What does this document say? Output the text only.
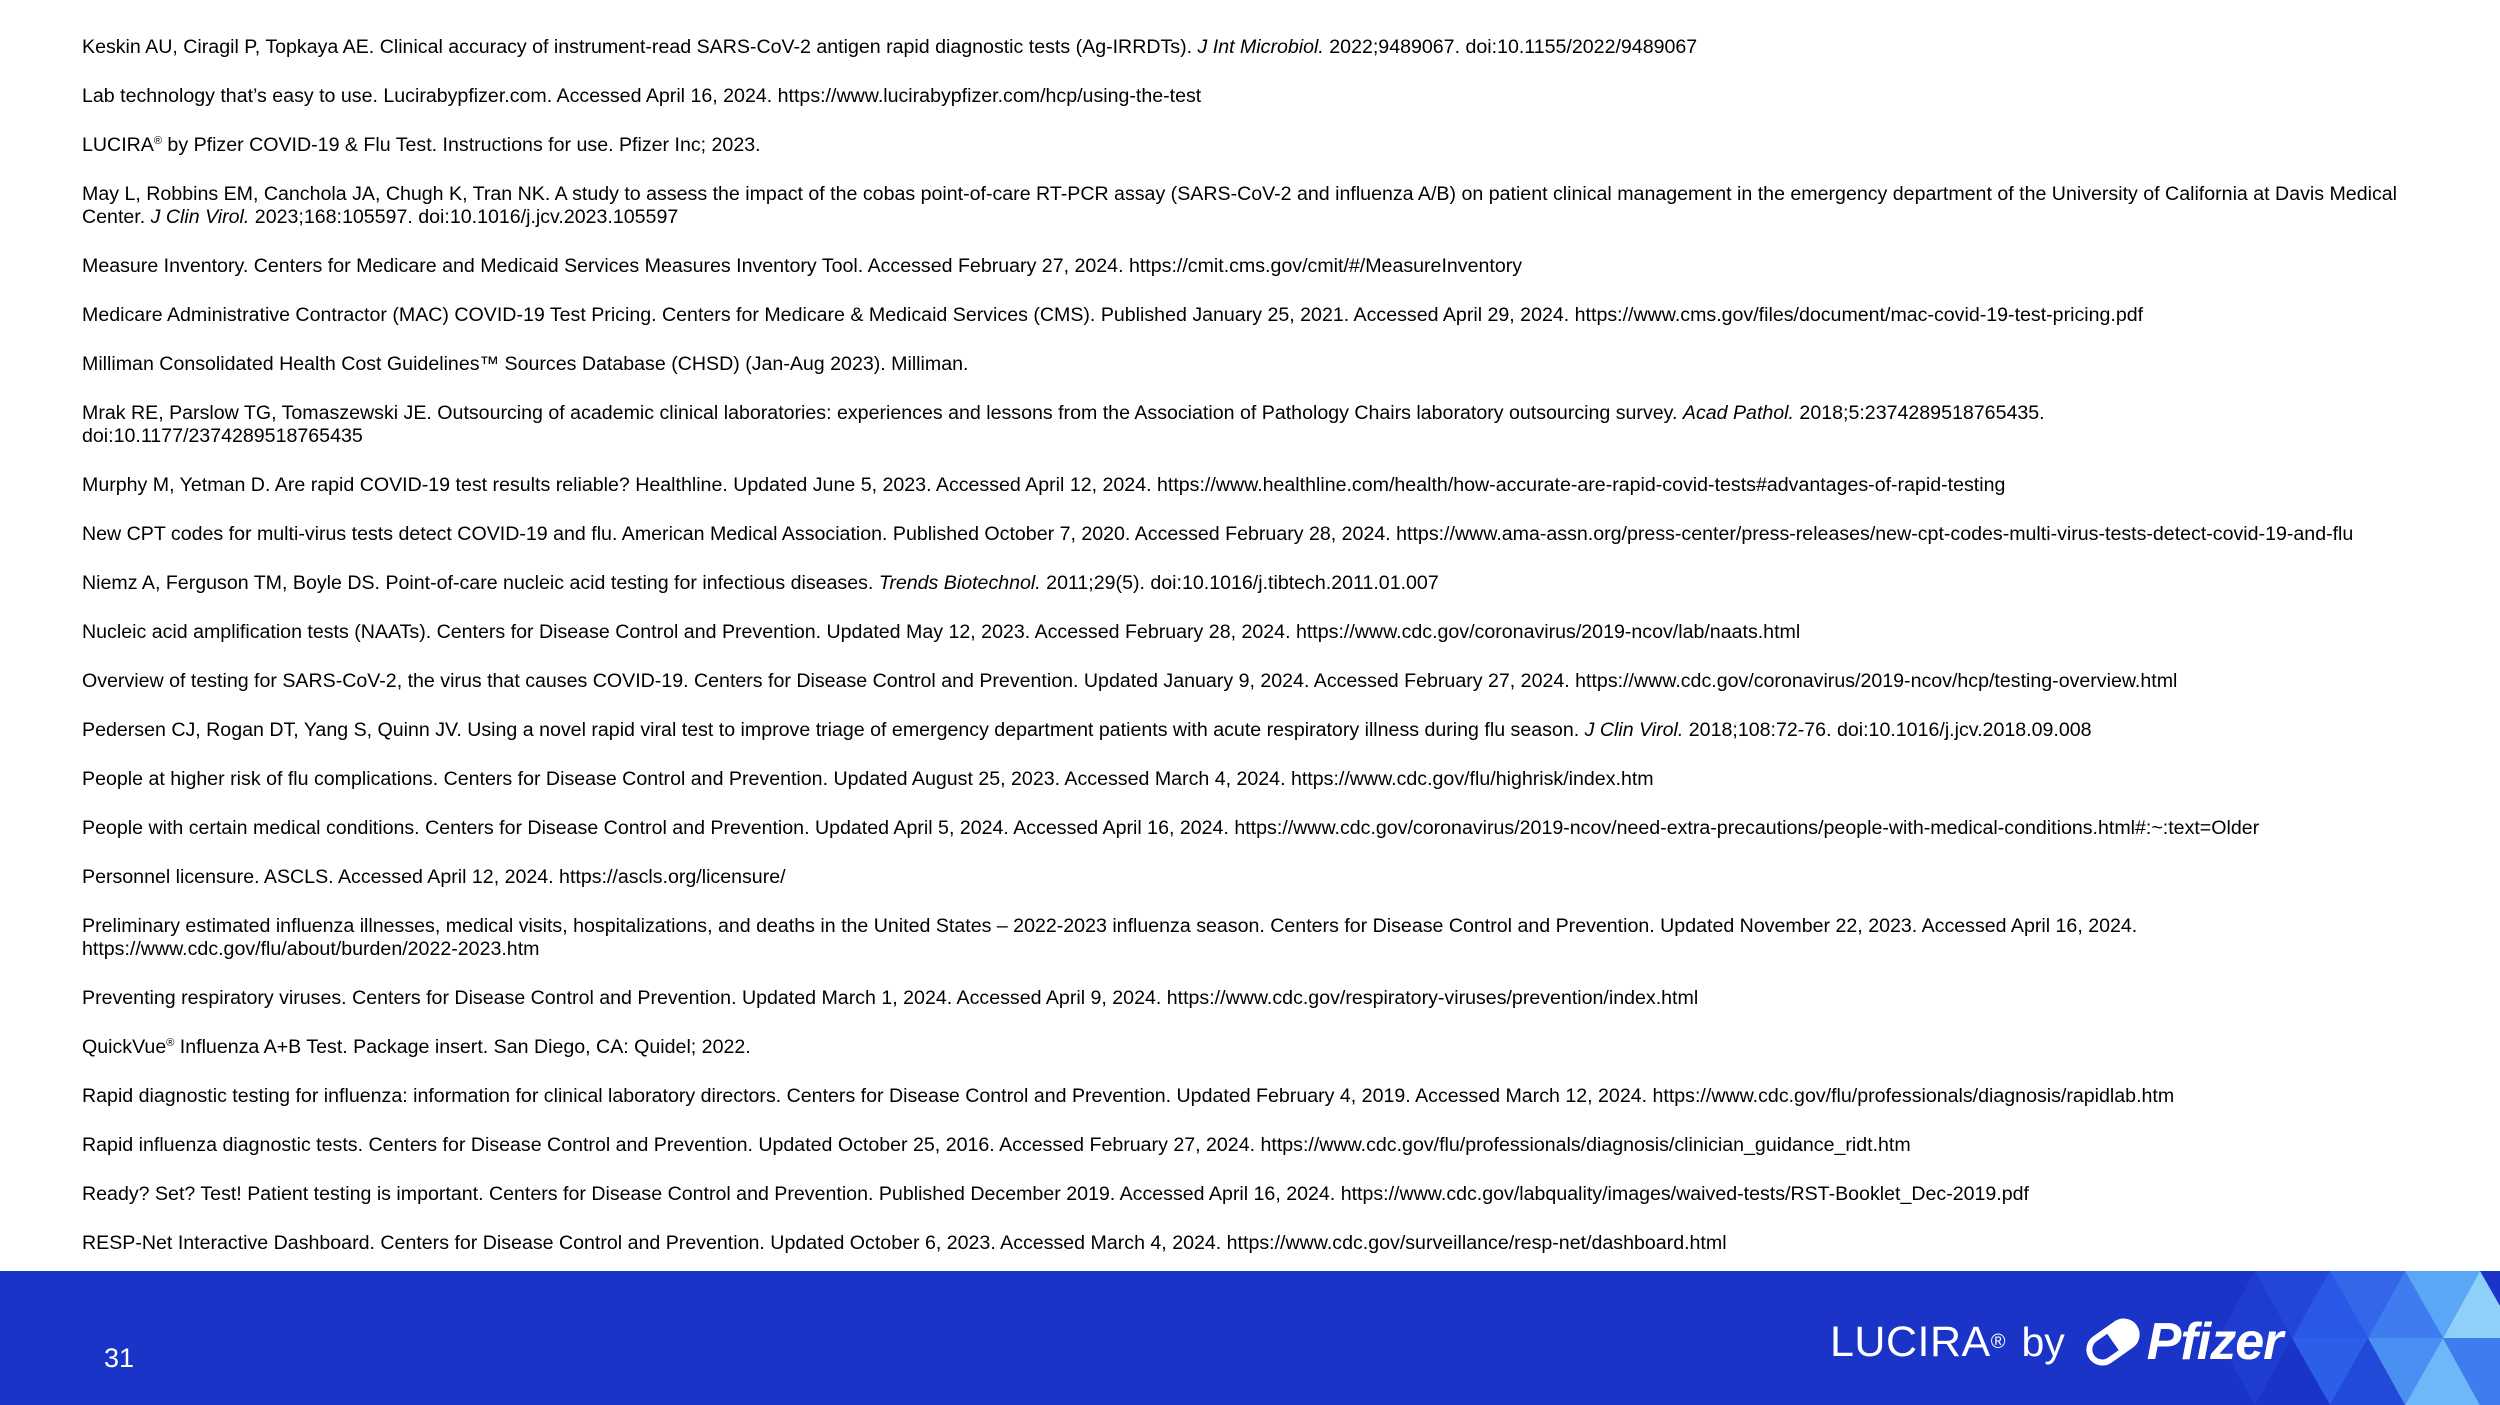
Keskin AU, Ciragil P, Topkaya AE. Clinical accuracy of instrument-read SARS-CoV-2 antigen rapid diagnostic tests (Ag-IRRDTs). J Int Microbiol. 2022;9489067. doi:10.1155/2022/9489067
Lab technology that’s easy to use. Lucirabypfizer.com. Accessed April 16, 2024. https://www.lucirabypfizer.com/hcp/using-the-test
LUCIRA® by Pfizer COVID-19 & Flu Test. Instructions for use. Pfizer Inc; 2023.
May L, Robbins EM, Canchola JA, Chugh K, Tran NK. A study to assess the impact of the cobas point-of-care RT-PCR assay (SARS-CoV-2 and influenza A/B) on patient clinical management in the emergency department of the University of California at Davis Medical Center. J Clin Virol. 2023;168:105597. doi:10.1016/j.jcv.2023.105597
Measure Inventory. Centers for Medicare and Medicaid Services Measures Inventory Tool. Accessed February 27, 2024. https://cmit.cms.gov/cmit/#/MeasureInventory
Medicare Administrative Contractor (MAC) COVID-19 Test Pricing. Centers for Medicare & Medicaid Services (CMS). Published January 25, 2021. Accessed April 29, 2024. https://www.cms.gov/files/document/mac-covid-19-test-pricing.pdf
Milliman Consolidated Health Cost Guidelines™ Sources Database (CHSD) (Jan-Aug 2023). Milliman.
Mrak RE, Parslow TG, Tomaszewski JE. Outsourcing of academic clinical laboratories: experiences and lessons from the Association of Pathology Chairs laboratory outsourcing survey. Acad Pathol. 2018;5:2374289518765435.
doi:10.1177/2374289518765435
Murphy M, Yetman D. Are rapid COVID-19 test results reliable? Healthline. Updated June 5, 2023. Accessed April 12, 2024. https://www.healthline.com/health/how-accurate-are-rapid-covid-tests#advantages-of-rapid-testing
New CPT codes for multi-virus tests detect COVID-19 and flu. American Medical Association. Published October 7, 2020. Accessed February 28, 2024. https://www.ama-assn.org/press-center/press-releases/new-cpt-codes-multi-virus-tests-detect-covid-19-and-flu
Niemz A, Ferguson TM, Boyle DS. Point-of-care nucleic acid testing for infectious diseases. Trends Biotechnol. 2011;29(5). doi:10.1016/j.tibtech.2011.01.007
Nucleic acid amplification tests (NAATs). Centers for Disease Control and Prevention. Updated May 12, 2023. Accessed February 28, 2024. https://www.cdc.gov/coronavirus/2019-ncov/lab/naats.html
Overview of testing for SARS-CoV-2, the virus that causes COVID-19. Centers for Disease Control and Prevention. Updated January 9, 2024. Accessed February 27, 2024. https://www.cdc.gov/coronavirus/2019-ncov/hcp/testing-overview.html
Pedersen CJ, Rogan DT, Yang S, Quinn JV. Using a novel rapid viral test to improve triage of emergency department patients with acute respiratory illness during flu season. J Clin Virol. 2018;108:72-76. doi:10.1016/j.jcv.2018.09.008
People at higher risk of flu complications. Centers for Disease Control and Prevention. Updated August 25, 2023. Accessed March 4, 2024. https://www.cdc.gov/flu/highrisk/index.htm
People with certain medical conditions. Centers for Disease Control and Prevention. Updated April 5, 2024. Accessed April 16, 2024. https://www.cdc.gov/coronavirus/2019-ncov/need-extra-precautions/people-with-medical-conditions.html#:~:text=Older
Personnel licensure. ASCLS. Accessed April 12, 2024. https://ascls.org/licensure/
Preliminary estimated influenza illnesses, medical visits, hospitalizations, and deaths in the United States – 2022-2023 influenza season. Centers for Disease Control and Prevention. Updated November 22, 2023. Accessed April 16, 2024.
https://www.cdc.gov/flu/about/burden/2022-2023.htm
Preventing respiratory viruses. Centers for Disease Control and Prevention. Updated March 1, 2024. Accessed April 9, 2024. https://www.cdc.gov/respiratory-viruses/prevention/index.html
QuickVue® Influenza A+B Test. Package insert. San Diego, CA: Quidel; 2022.
Rapid diagnostic testing for influenza: information for clinical laboratory directors. Centers for Disease Control and Prevention. Updated February 4, 2019. Accessed March 12, 2024. https://www.cdc.gov/flu/professionals/diagnosis/rapidlab.htm
Rapid influenza diagnostic tests. Centers for Disease Control and Prevention. Updated October 25, 2016. Accessed February 27, 2024. https://www.cdc.gov/flu/professionals/diagnosis/clinician_guidance_ridt.htm
Ready? Set? Test! Patient testing is important. Centers for Disease Control and Prevention. Published December 2019. Accessed April 16, 2024. https://www.cdc.gov/labquality/images/waived-tests/RST-Booklet_Dec-2019.pdf
RESP-Net Interactive Dashboard. Centers for Disease Control and Prevention. Updated October 6, 2023. Accessed March 4, 2024. https://www.cdc.gov/surveillance/resp-net/dashboard.html
31	LUCIRA ® by Pfizer
